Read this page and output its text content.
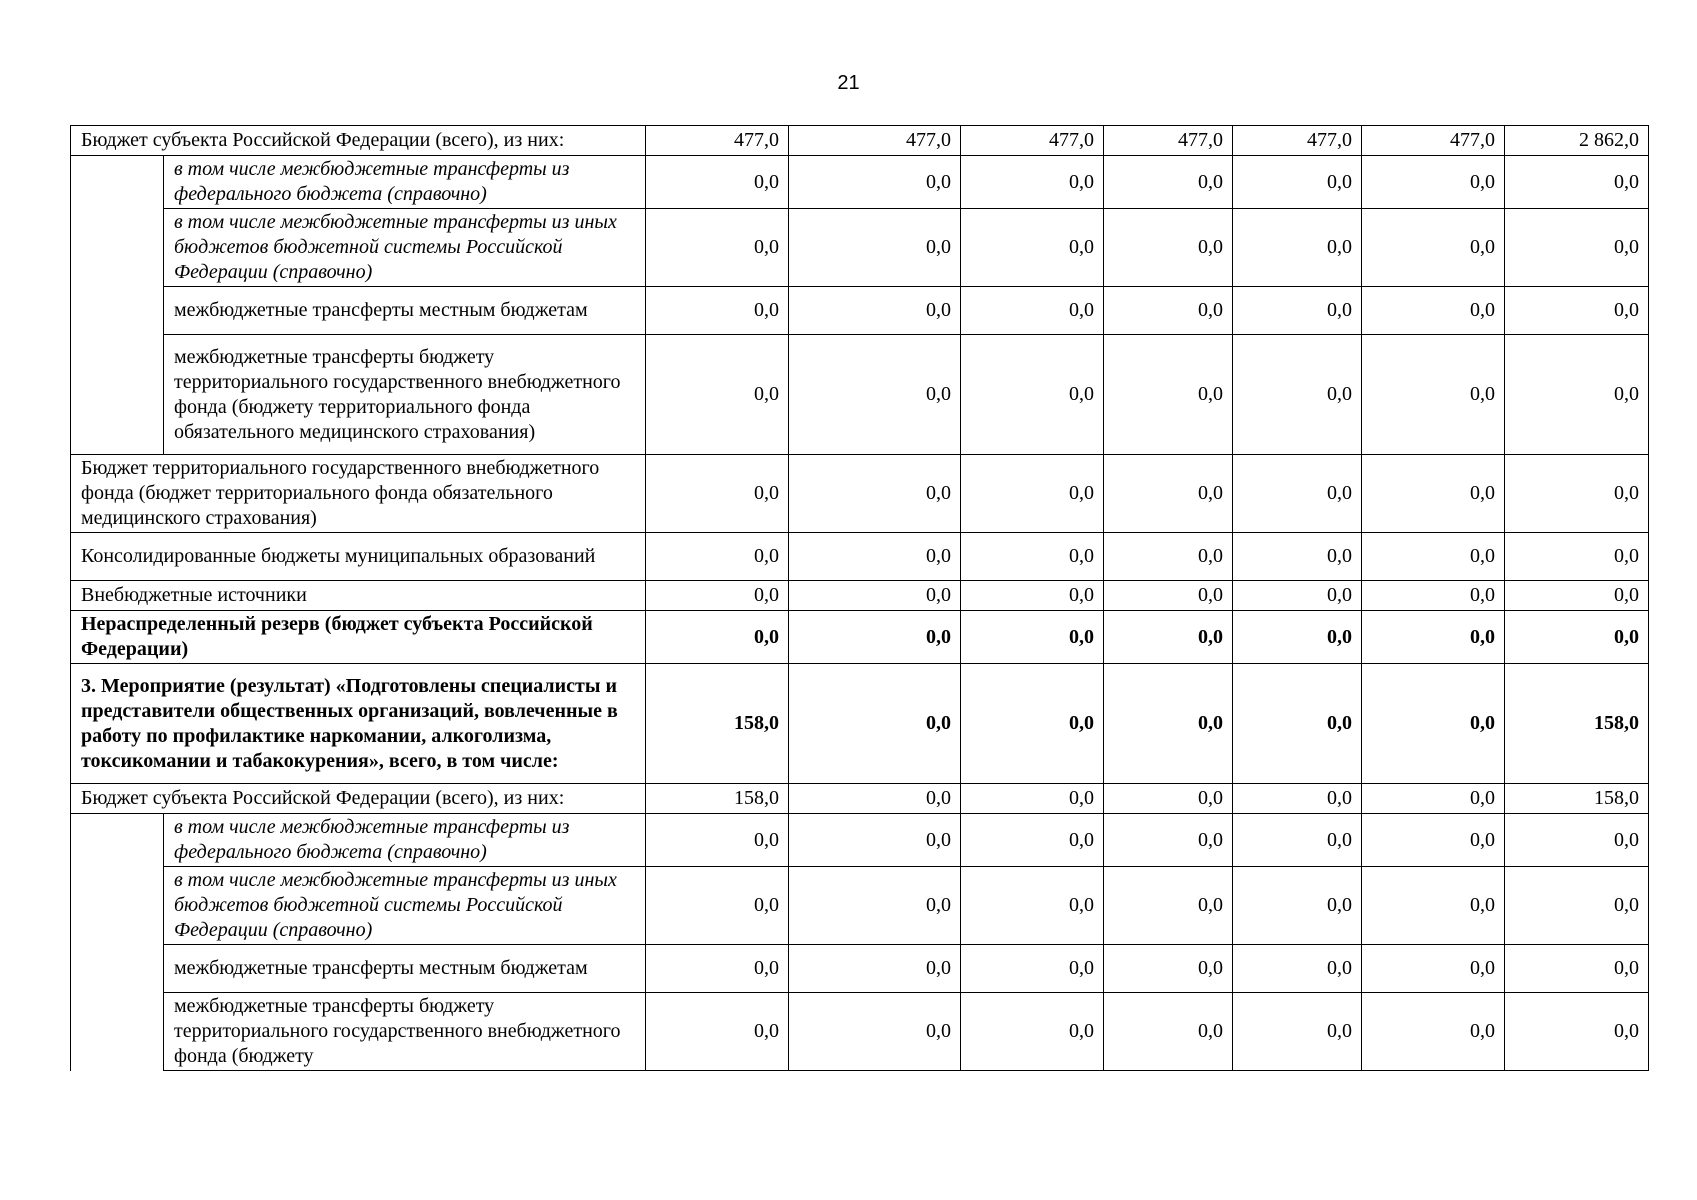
21
Бюджет субъекта Российской Федерации (всего), из них:		477,0	477,0	477,0	477,0	477,0	477,0	2 862,0
	в том числе межбюджетные трансферты из федерального бюджета (справочно)	0,0	0,0	0,0	0,0	0,0	0,0	0,0
	в том числе межбюджетные трансферты из иных бюджетов бюджетной системы Российской Федерации (справочно)	0,0	0,0	0,0	0,0	0,0	0,0	0,0
	межбюджетные трансферты местным бюджетам	0,0	0,0	0,0	0,0	0,0	0,0	0,0
	межбюджетные трансферты бюджету территориального государственного внебюджетного фонда (бюджету территориального фонда обязательного медицинского страхования)	0,0	0,0	0,0	0,0	0,0	0,0	0,0
Бюджет территориального государственного внебюджетного фонда (бюджет территориального фонда обязательного медицинского страхования)		0,0	0,0	0,0	0,0	0,0	0,0	0,0
Консолидированные бюджеты муниципальных образований		0,0	0,0	0,0	0,0	0,0	0,0	0,0
Внебюджетные источники		0,0	0,0	0,0	0,0	0,0	0,0	0,0
Нераспределенный резерв (бюджет субъекта Российской Федерации)		0,0	0,0	0,0	0,0	0,0	0,0	0,0
3. Мероприятие (результат) «Подготовлены специалисты и представители общественных организаций, вовлеченные в работу по профилактике наркомании, алкоголизма, токсикомании и табакокурения», всего, в том числе:		158,0	0,0	0,0	0,0	0,0	0,0	158,0
Бюджет субъекта Российской Федерации (всего), из них:		158,0	0,0	0,0	0,0	0,0	0,0	158,0
	в том числе межбюджетные трансферты из федерального бюджета (справочно)	0,0	0,0	0,0	0,0	0,0	0,0	0,0
	в том числе межбюджетные трансферты из иных бюджетов бюджетной системы Российской Федерации (справочно)	0,0	0,0	0,0	0,0	0,0	0,0	0,0
	межбюджетные трансферты местным бюджетам	0,0	0,0	0,0	0,0	0,0	0,0	0,0
	межбюджетные трансферты бюджету территориального государственного внебюджетного фонда (бюджету	0,0	0,0	0,0	0,0	0,0	0,0	0,0
